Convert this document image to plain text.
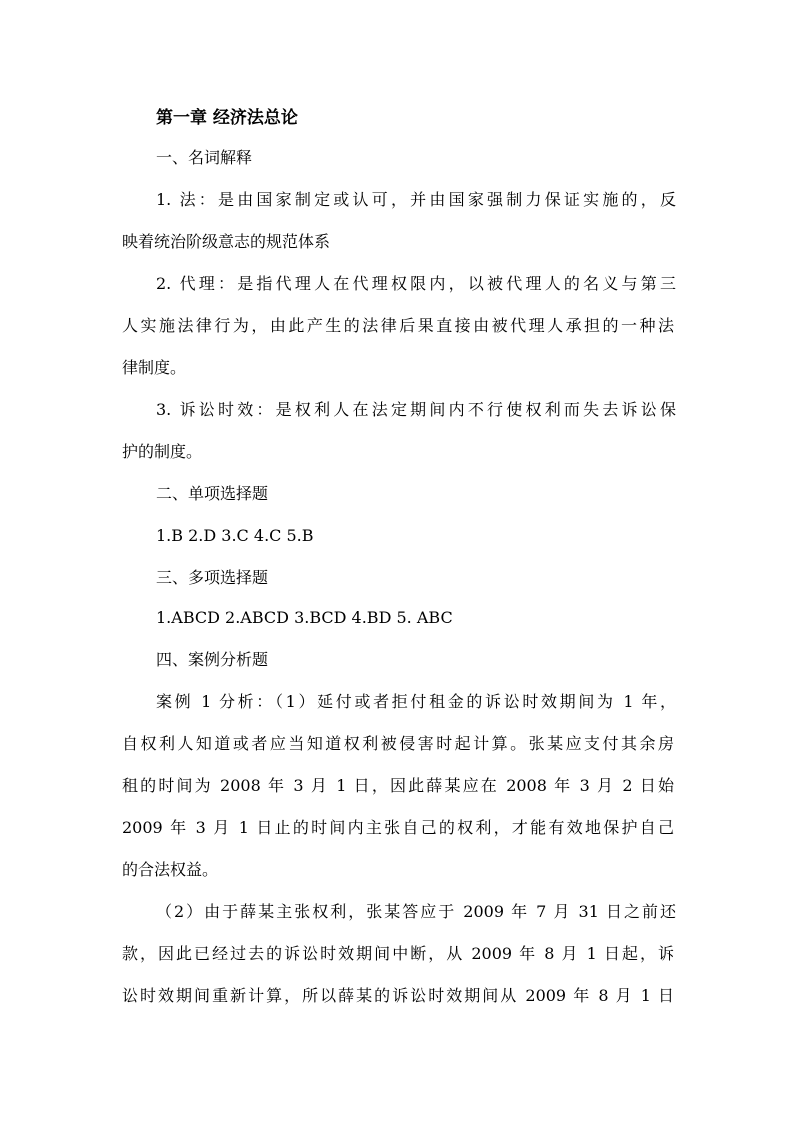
第一章 经济法总论
一、名词解释
1. 法：是由国家制定或认可，并由国家强制力保证实施的，反
映着统治阶级意志的规范体系
2. 代理：是指代理人在代理权限内，以被代理人的名义与第三
人实施法律行为，由此产生的法律后果直接由被代理人承担的一种法
律制度。
3. 诉讼时效：是权利人在法定期间内不行使权利而失去诉讼保
护的制度。
二、单项选择题
1.B 2.D 3.C 4.C 5.B
三、多项选择题
1.ABCD 2.ABCD 3.BCD 4.BD 5. ABC
四、案例分析题
案例 1 分析：（1）延付或者拒付租金的诉讼时效期间为 1 年，
自权利人知道或者应当知道权利被侵害时起计算。张某应支付其余房
租的时间为 2008 年 3 月 1 日，因此薛某应在 2008 年 3 月 2 日始
2009 年 3 月 1 日止的时间内主张自己的权利，才能有效地保护自己
的合法权益。
（2）由于薛某主张权利，张某答应于 2009 年 7 月 31 日之前还
款，因此已经过去的诉讼时效期间中断，从 2009 年 8 月 1 日起，诉
讼时效期间重新计算，所以薛某的诉讼时效期间从 2009 年 8 月 1 日
